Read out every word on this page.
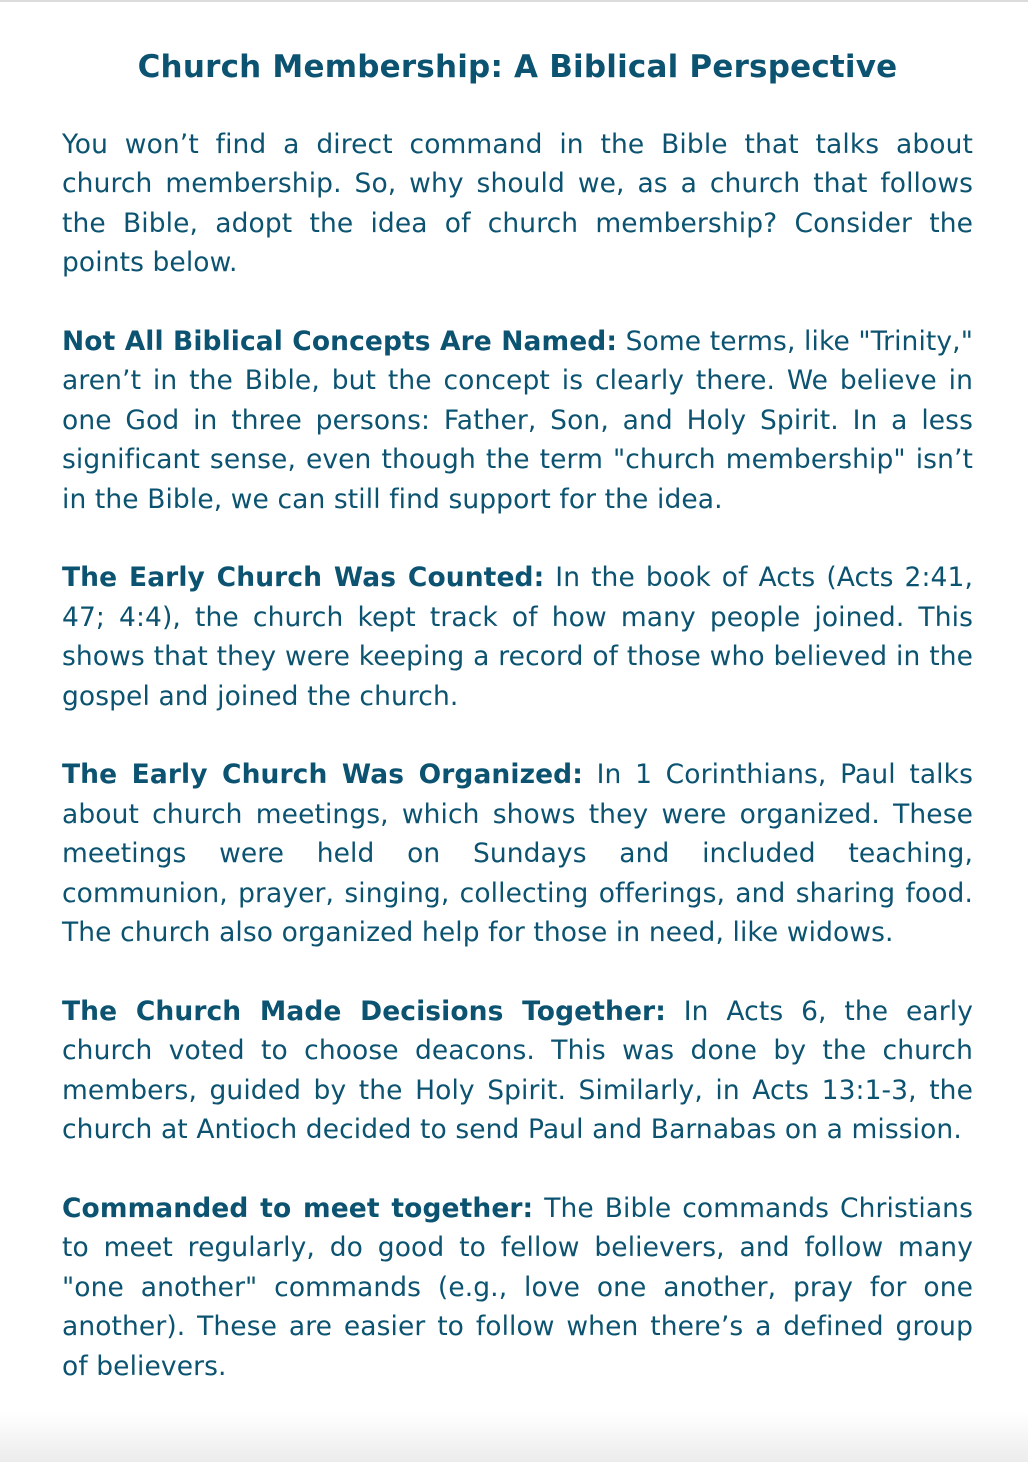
Church Membership: A Biblical Perspective

You won’t find a direct command in the Bible that talks about church membership. So, why should we, as a church that follows the Bible, adopt the idea of church membership? Consider the points below.

Not All Biblical Concepts Are Named: Some terms, like "Trinity," aren’t in the Bible, but the concept is clearly there. We believe in one God in three persons: Father, Son, and Holy Spirit. In a less significant sense, even though the term "church membership" isn’t in the Bible, we can still find support for the idea.

The Early Church Was Counted: In the book of Acts (Acts 2:41, 47; 4:4), the church kept track of how many people joined. This shows that they were keeping a record of those who believed in the gospel and joined the church.

The Early Church Was Organized: In 1 Corinthians, Paul talks about church meetings, which shows they were organized. These meetings were held on Sundays and included teaching, communion, prayer, singing, collecting offerings, and sharing food. The church also organized help for those in need, like widows.

The Church Made Decisions Together: In Acts 6, the early church voted to choose deacons. This was done by the church members, guided by the Holy Spirit. Similarly, in Acts 13:1-3, the church at Antioch decided to send Paul and Barnabas on a mission.

Commanded to meet together: The Bible commands Christians to meet regularly, do good to fellow believers, and follow many "one another" commands (e.g., love one another, pray for one another). These are easier to follow when there’s a defined group of believers.
